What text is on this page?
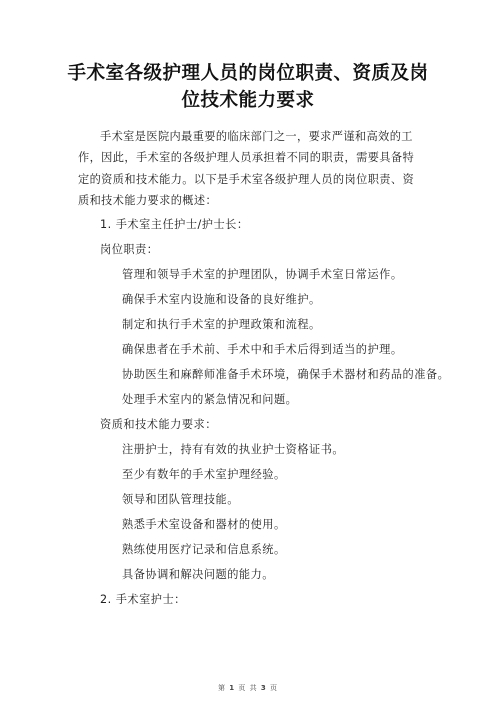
手术室各级护理人员的岗位职责、资质及岗
位技术能力要求
手术室是医院内最重要的临床部门之一，要求严谨和高效的工作，因此，手术室的各级护理人员承担着不同的职责，需要具备特定的资质和技术能力。以下是手术室各级护理人员的岗位职责、资质和技术能力要求的概述：
1. 手术室主任护士/护士长：
岗位职责：
管理和领导手术室的护理团队，协调手术室日常运作。
确保手术室内设施和设备的良好维护。
制定和执行手术室的护理政策和流程。
确保患者在手术前、手术中和手术后得到适当的护理。
协助医生和麻醉师准备手术环境，确保手术器材和药品的准备。
处理手术室内的紧急情况和问题。
资质和技术能力要求：
注册护士，持有有效的执业护士资格证书。
至少有数年的手术室护理经验。
领导和团队管理技能。
熟悉手术室设备和器材的使用。
熟练使用医疗记录和信息系统。
具备协调和解决问题的能力。
2. 手术室护士：
第 1 页 共 3 页
